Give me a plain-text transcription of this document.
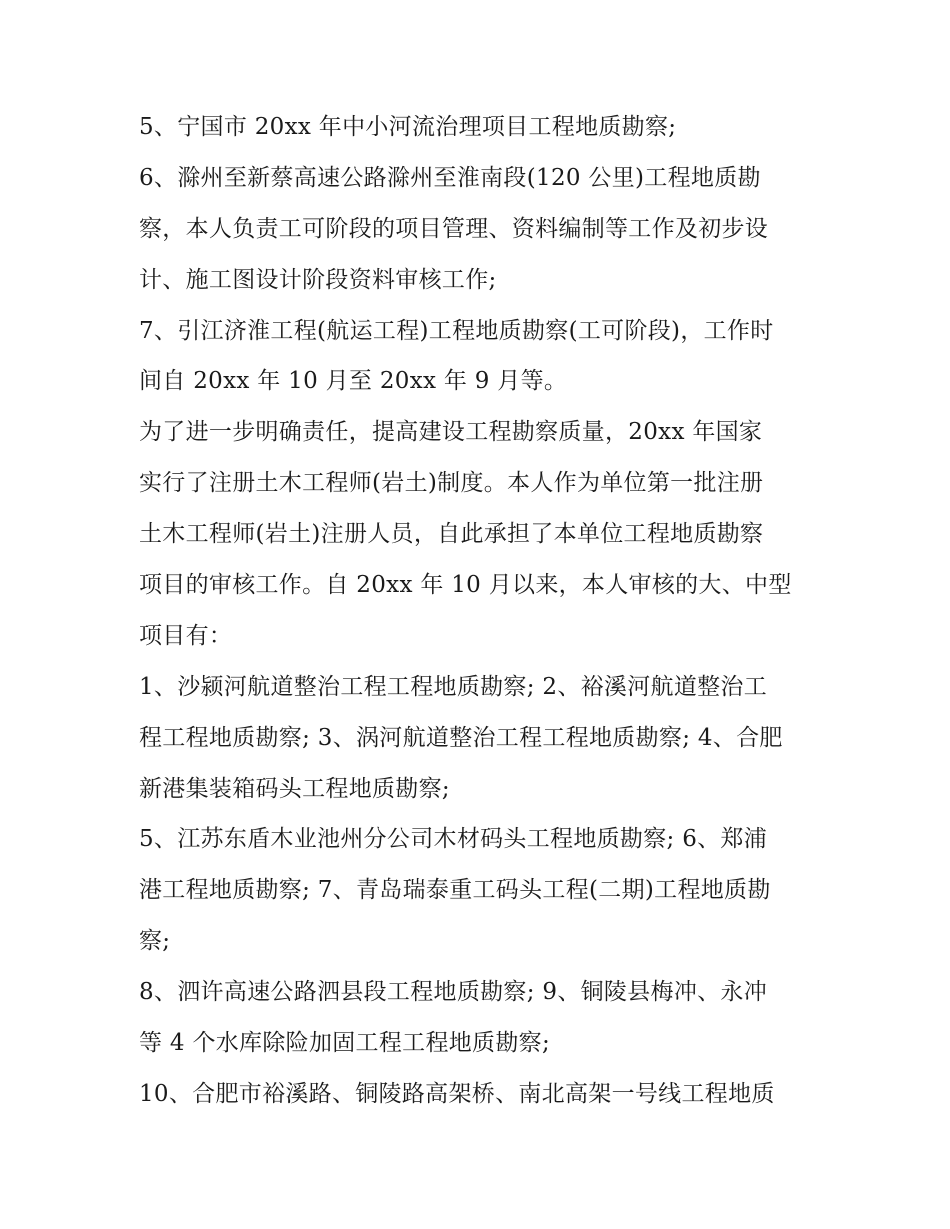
5、宁国市 20xx 年中小河流治理项目工程地质勘察;
6、滁州至新蔡高速公路滁州至淮南段(120 公里)工程地质勘
察，本人负责工可阶段的项目管理、资料编制等工作及初步设
计、施工图设计阶段资料审核工作;
7、引江济淮工程(航运工程)工程地质勘察(工可阶段)，工作时
间自 20xx 年 10 月至 20xx 年 9 月等。
为了进一步明确责任，提高建设工程勘察质量，20xx 年国家
实行了注册土木工程师(岩土)制度。本人作为单位第一批注册
土木工程师(岩土)注册人员，自此承担了本单位工程地质勘察
项目的审核工作。自 20xx 年 10 月以来，本人审核的大、中型
项目有：
1、沙颍河航道整治工程工程地质勘察; 2、裕溪河航道整治工
程工程地质勘察; 3、涡河航道整治工程工程地质勘察; 4、合肥
新港集装箱码头工程地质勘察;
5、江苏东盾木业池州分公司木材码头工程地质勘察; 6、郑浦
港工程地质勘察; 7、青岛瑞泰重工码头工程(二期)工程地质勘
察;
8、泗许高速公路泗县段工程地质勘察; 9、铜陵县梅冲、永冲
等 4 个水库除险加固工程工程地质勘察;
10、合肥市裕溪路、铜陵路高架桥、南北高架一号线工程地质
